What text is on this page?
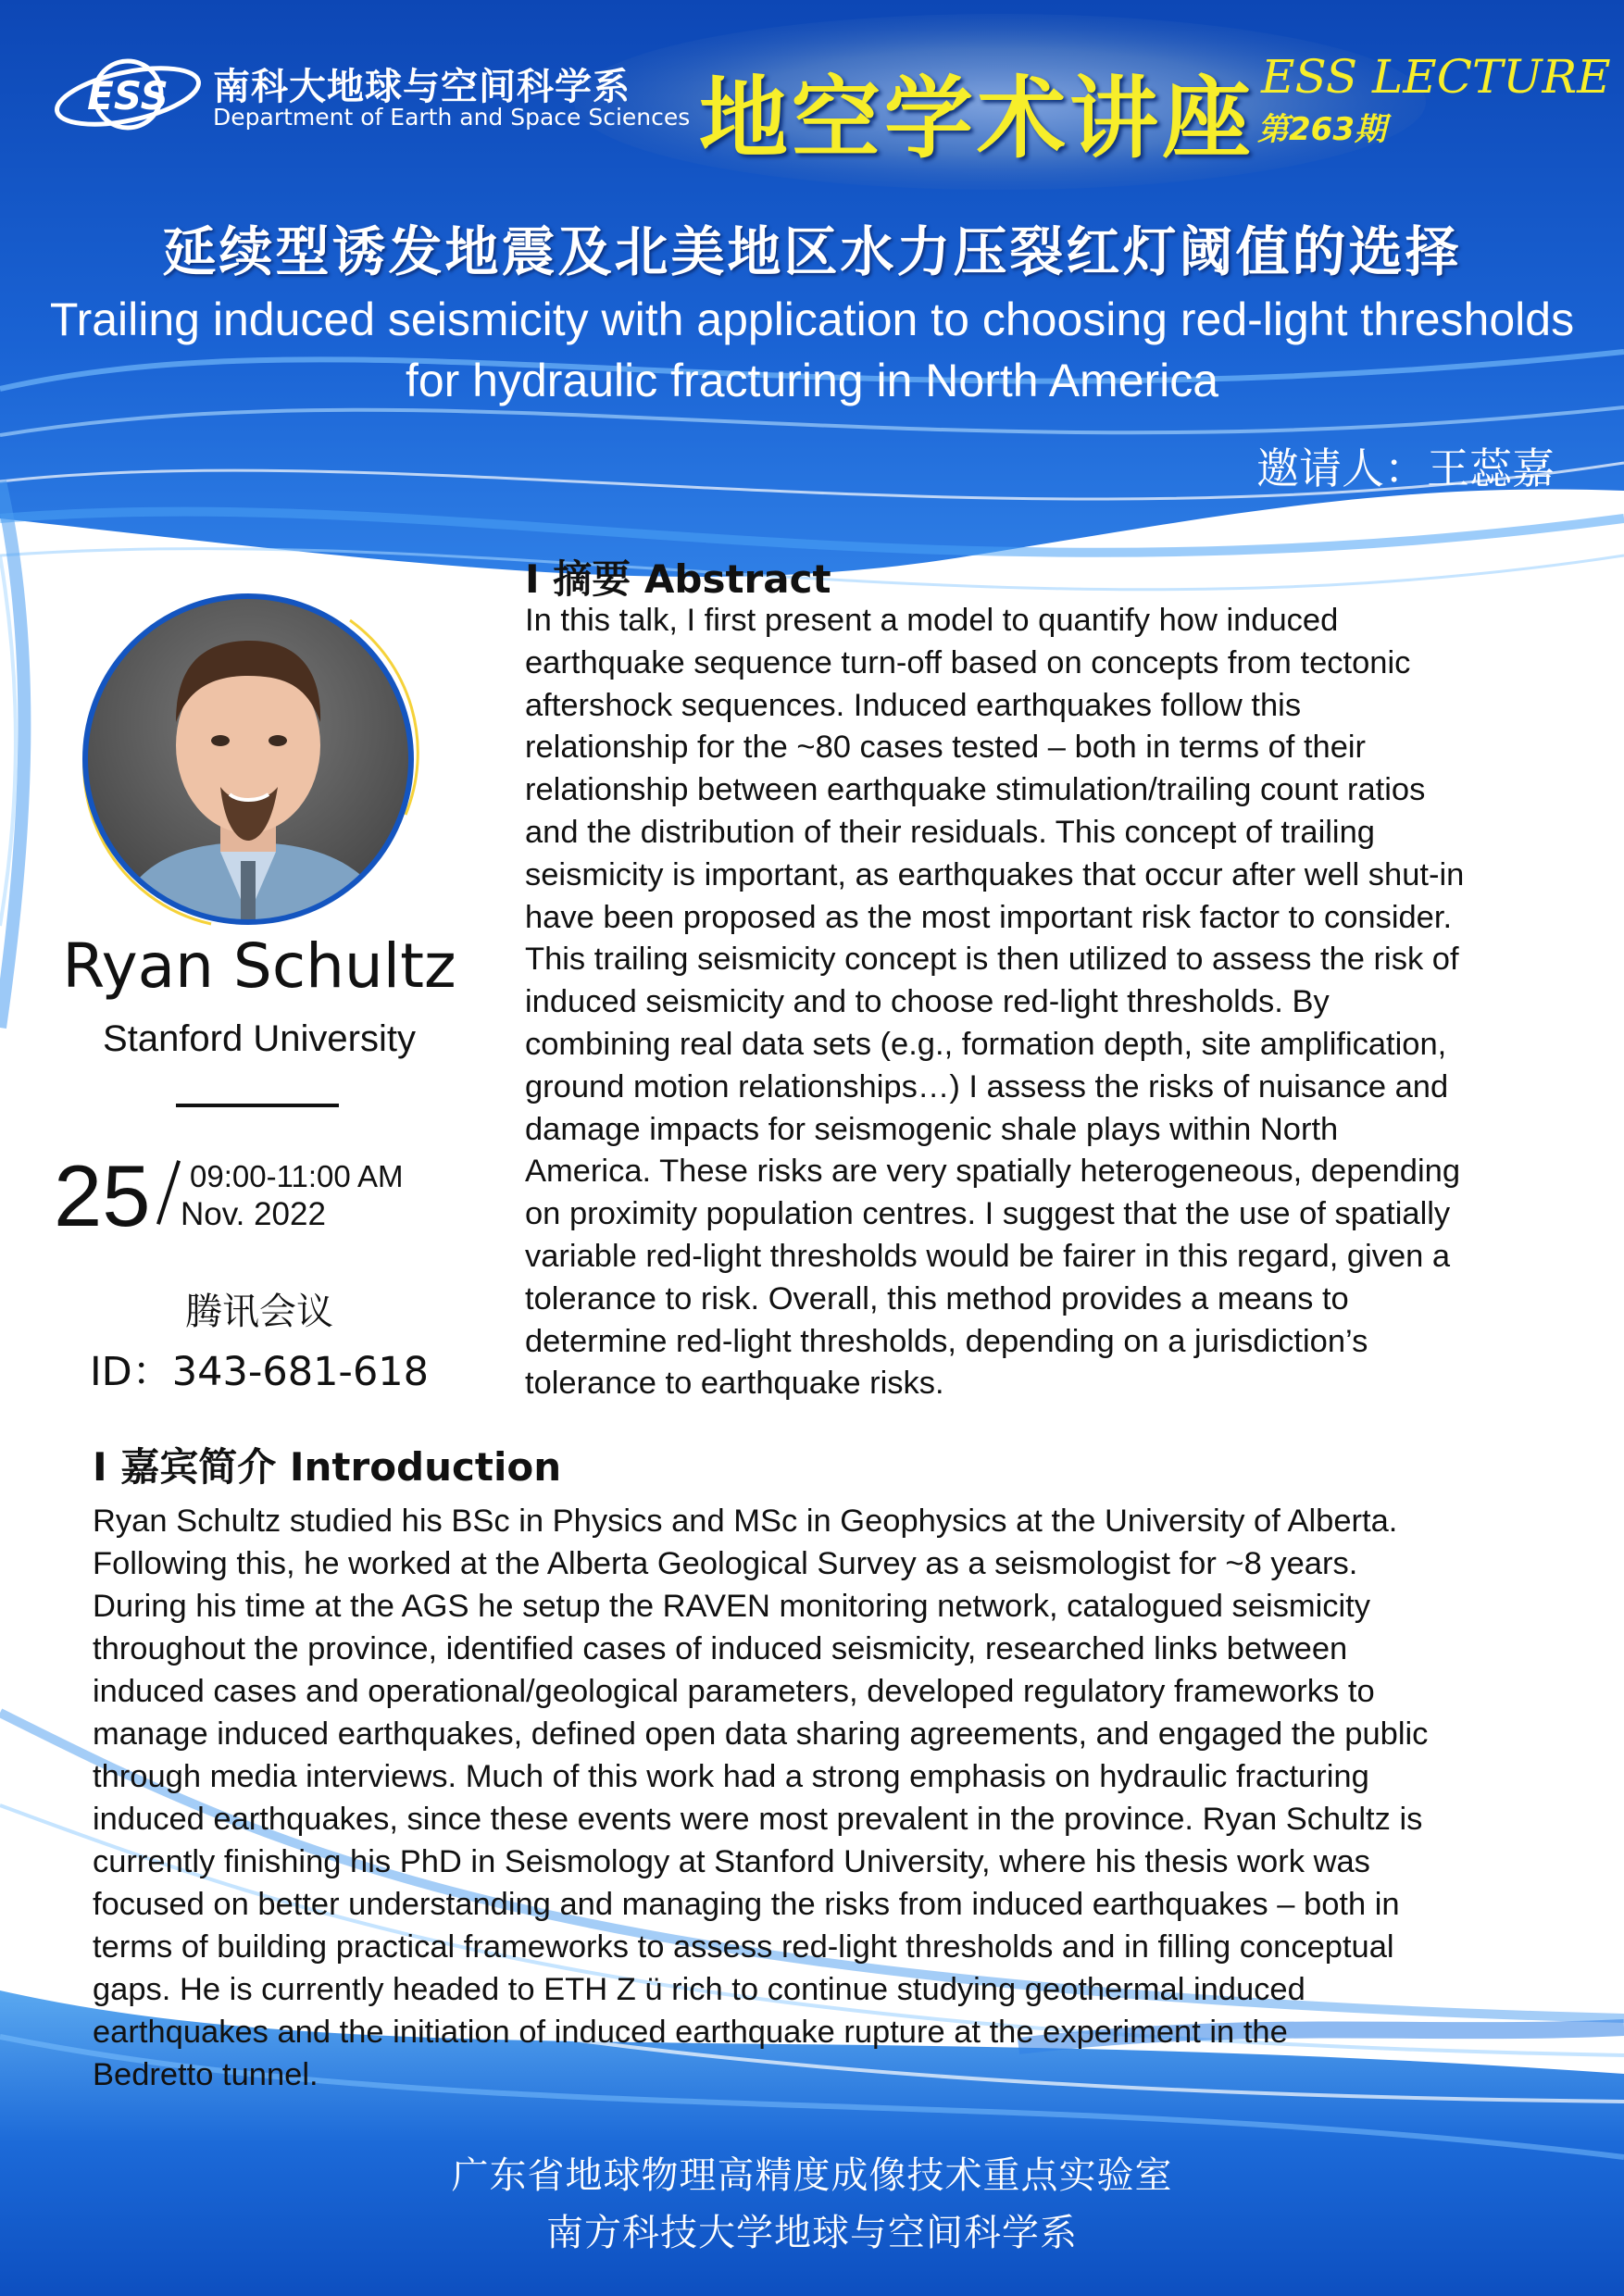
ESS 南科大地球与空间科学系
Department of Earth and Space Sciences 地空学术讲座 ESS LECTURE
第263期
延续型诱发地震及北美地区水力压裂红灯阈值的选择
Trailing induced seismicity with application to choosing red-light thresholds for hydraulic fracturing in North America
邀请人：王蕊嘉
Ryan Schultz
Stanford University
25 09:00-11:00 AM
Nov. 2022
腾讯会议
ID：343-681-618
I 摘要 Abstract
In this talk, I first present a model to quantify how induced
earthquake sequence turn-off based on concepts from tectonic
aftershock sequences. Induced earthquakes follow this
relationship for the ~80 cases tested – both in terms of their
relationship between earthquake stimulation/trailing count ratios
and the distribution of their residuals. This concept of trailing
seismicity is important, as earthquakes that occur after well shut-in
have been proposed as the most important risk factor to consider.
This trailing seismicity concept is then utilized to assess the risk of
induced seismicity and to choose red-light thresholds. By
combining real data sets (e.g., formation depth, site amplification,
ground motion relationships…) I assess the risks of nuisance and
damage impacts for seismogenic shale plays within North
America. These risks are very spatially heterogeneous, depending
on proximity population centres. I suggest that the use of spatially
variable red-light thresholds would be fairer in this regard, given a
tolerance to risk. Overall, this method provides a means to
determine red-light thresholds, depending on a jurisdiction’s
tolerance to earthquake risks.
I 嘉宾简介 Introduction
Ryan Schultz studied his BSc in Physics and MSc in Geophysics at the University of Alberta.
Following this, he worked at the Alberta Geological Survey as a seismologist for ~8 years.
During his time at the AGS he setup the RAVEN monitoring network, catalogued seismicity
throughout the province, identified cases of induced seismicity, researched links between
induced cases and operational/geological parameters, developed regulatory frameworks to
manage induced earthquakes, defined open data sharing agreements, and engaged the public
through media interviews. Much of this work had a strong emphasis on hydraulic fracturing
induced earthquakes, since these events were most prevalent in the province. Ryan Schultz is
currently finishing his PhD in Seismology at Stanford University, where his thesis work was
focused on better understanding and managing the risks from induced earthquakes – both in
terms of building practical frameworks to assess red-light thresholds and in filling conceptual
gaps. He is currently headed to ETH Z ü rich to continue studying geothermal induced
earthquakes and the initiation of induced earthquake rupture at the experiment in the
Bedretto tunnel.
广东省地球物理高精度成像技术重点实验室
南方科技大学地球与空间科学系
